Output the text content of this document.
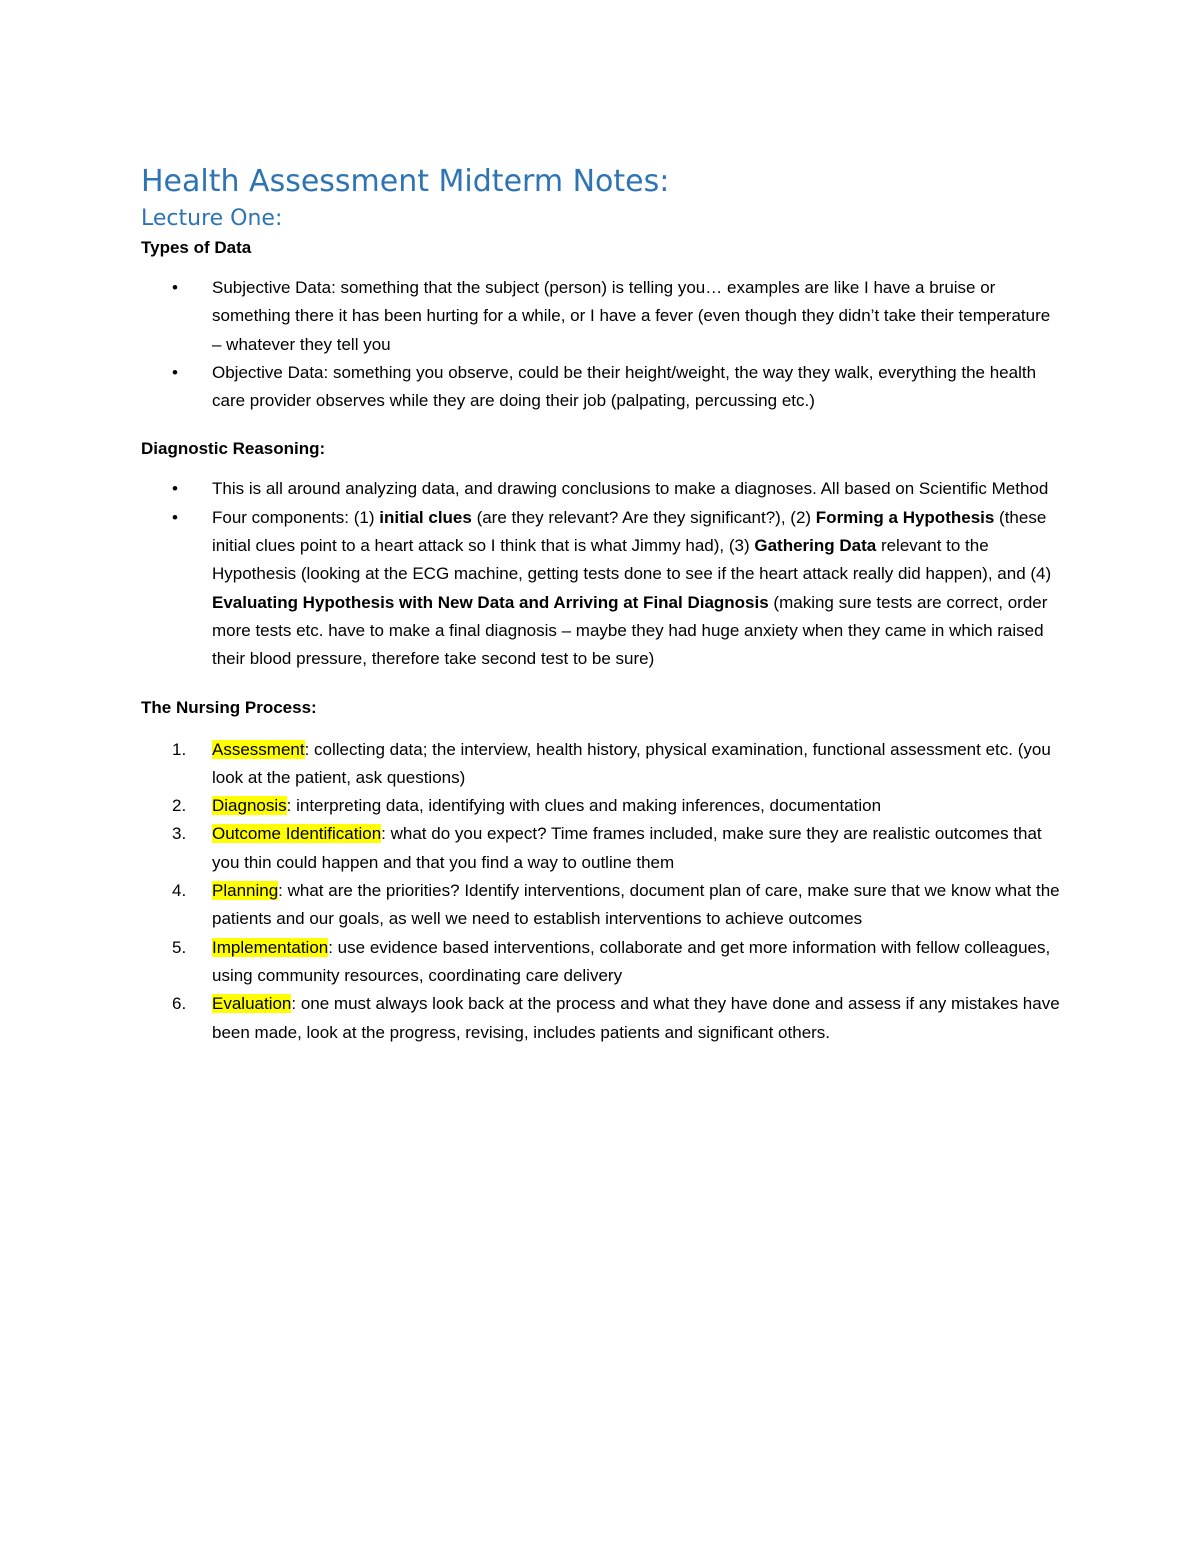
Health Assessment Midterm Notes:
Lecture One:

Types of Data

• Subjective Data: something that the subject (person) is telling you… examples are like I have a bruise or something there it has been hurting for a while, or I have a fever (even though they didn’t take their temperature – whatever they tell you
• Objective Data: something you observe, could be their height/weight, the way they walk, everything the health care provider observes while they are doing their job (palpating, percussing etc.)

Diagnostic Reasoning:

• This is all around analyzing data, and drawing conclusions to make a diagnoses. All based on Scientific Method
• Four components: (1) initial clues (are they relevant? Are they significant?), (2) Forming a Hypothesis (these initial clues point to a heart attack so I think that is what Jimmy had), (3) Gathering Data relevant to the Hypothesis (looking at the ECG machine, getting tests done to see if the heart attack really did happen), and (4) Evaluating Hypothesis with New Data and Arriving at Final Diagnosis (making sure tests are correct, order more tests etc. have to make a final diagnosis – maybe they had huge anxiety when they came in which raised their blood pressure, therefore take second test to be sure)

The Nursing Process:

1. Assessment: collecting data; the interview, health history, physical examination, functional assessment etc. (you look at the patient, ask questions)
2. Diagnosis: interpreting data, identifying with clues and making inferences, documentation
3. Outcome Identification: what do you expect? Time frames included, make sure they are realistic outcomes that you thin could happen and that you find a way to outline them
4. Planning: what are the priorities? Identify interventions, document plan of care, make sure that we know what the patients and our goals, as well we need to establish interventions to achieve outcomes
5. Implementation: use evidence based interventions, collaborate and get more information with fellow colleagues, using community resources, coordinating care delivery
6. Evaluation: one must always look back at the process and what they have done and assess if any mistakes have been made, look at the progress, revising, includes patients and significant others.
